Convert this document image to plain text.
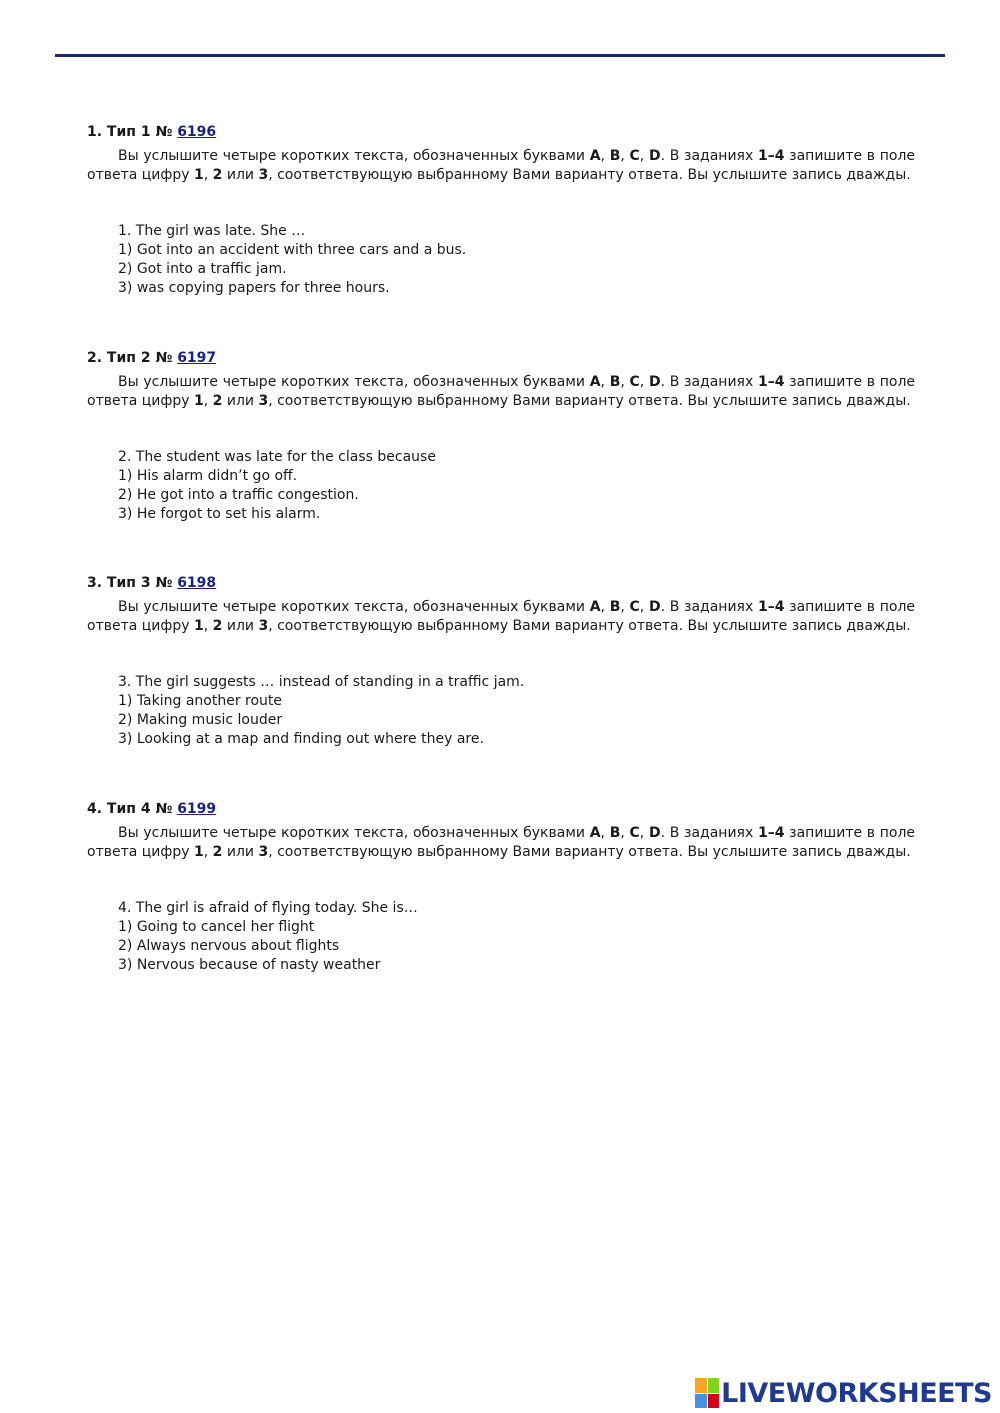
1. Тип 1 № 6196

Вы услышите четыре коротких текста, обозначенных буквами A, B, C, D. В заданиях 1–4 запишите в поле ответа цифру 1, 2 или 3, соответствующую выбранному Вами варианту ответа. Вы услышите запись дважды.

1. The girl was late. She …
1) Got into an accident with three cars and a bus.
2) Got into a traffic jam.
3) was copying papers for three hours.

2. Тип 2 № 6197

Вы услышите четыре коротких текста, обозначенных буквами A, B, C, D. В заданиях 1–4 запишите в поле ответа цифру 1, 2 или 3, соответствующую выбранному Вами варианту ответа. Вы услышите запись дважды.

2. The student was late for the class because
1) His alarm didn’t go off.
2) He got into a traffic congestion.
3) He forgot to set his alarm.

3. Тип 3 № 6198

Вы услышите четыре коротких текста, обозначенных буквами A, B, C, D. В заданиях 1–4 запишите в поле ответа цифру 1, 2 или 3, соответствующую выбранному Вами варианту ответа. Вы услышите запись дважды.

3. The girl suggests … instead of standing in a traffic jam.
1) Taking another route
2) Making music louder
3) Looking at a map and finding out where they are.

4. Тип 4 № 6199

Вы услышите четыре коротких текста, обозначенных буквами A, B, C, D. В заданиях 1–4 запишите в поле ответа цифру 1, 2 или 3, соответствующую выбранному Вами варианту ответа. Вы услышите запись дважды.

4. The girl is afraid of flying today. She is…
1) Going to cancel her flight
2) Always nervous about flights
3) Nervous because of nasty weather
LIVEWORKSHEETS
